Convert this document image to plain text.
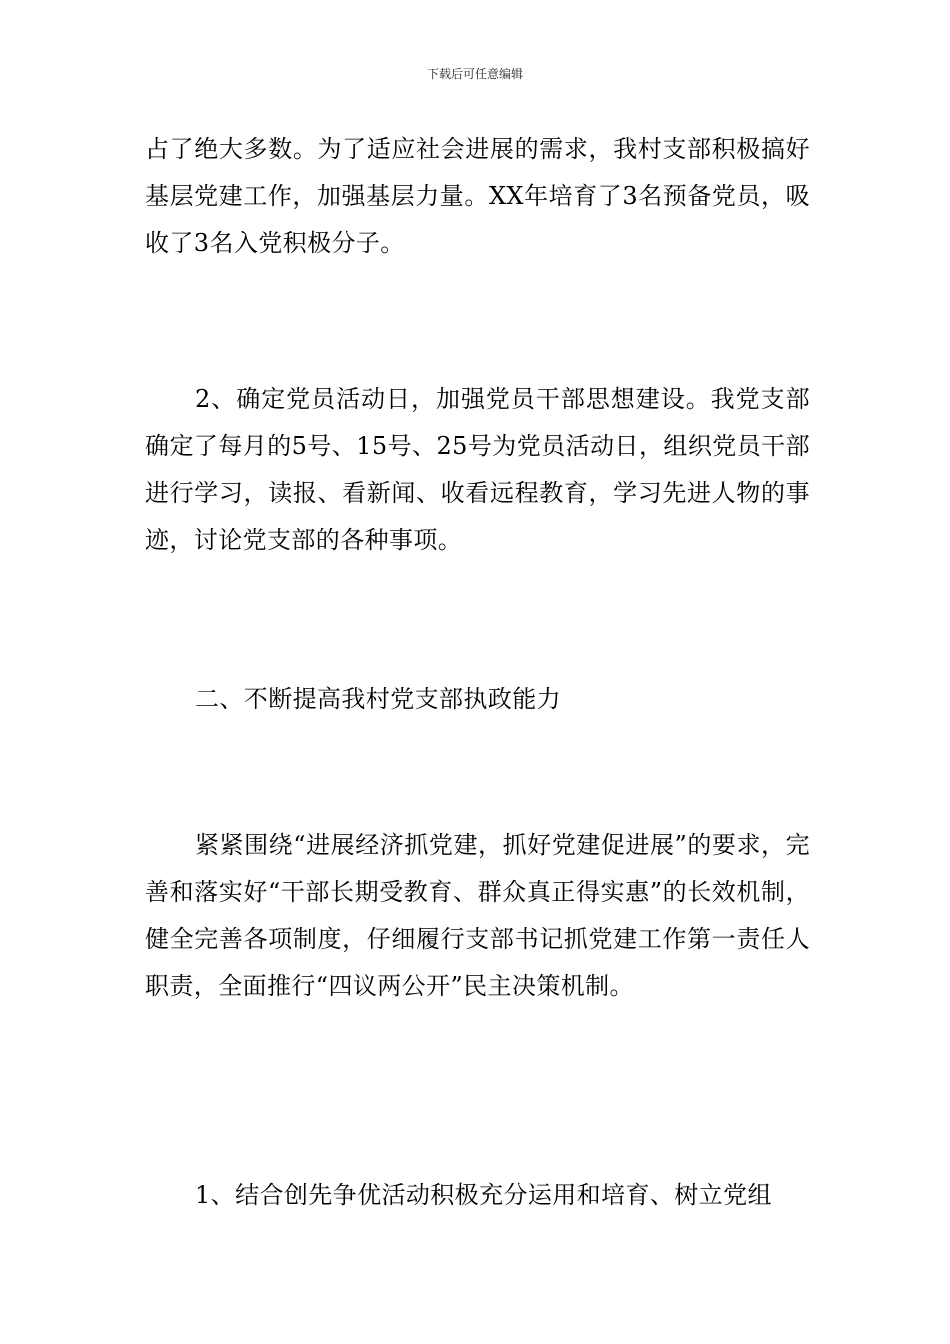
下载后可任意编辑

占了绝大多数。为了适应社会进展的需求，我村支部积极搞好基层党建工作，加强基层力量。XX年培育了3名预备党员，吸收了3名入党积极分子。

2、确定党员活动日，加强党员干部思想建设。我党支部确定了每月的5号、15号、25号为党员活动日，组织党员干部进行学习，读报、看新闻、收看远程教育，学习先进人物的事迹，讨论党支部的各种事项。

二、不断提高我村党支部执政能力

紧紧围绕“进展经济抓党建，抓好党建促进展”的要求，完善和落实好“干部长期受教育、群众真正得实惠”的长效机制，健全完善各项制度，仔细履行支部书记抓党建工作第一责任人职责，全面推行“四议两公开”民主决策机制。

1、结合创先争优活动积极充分运用和培育、树立党组
